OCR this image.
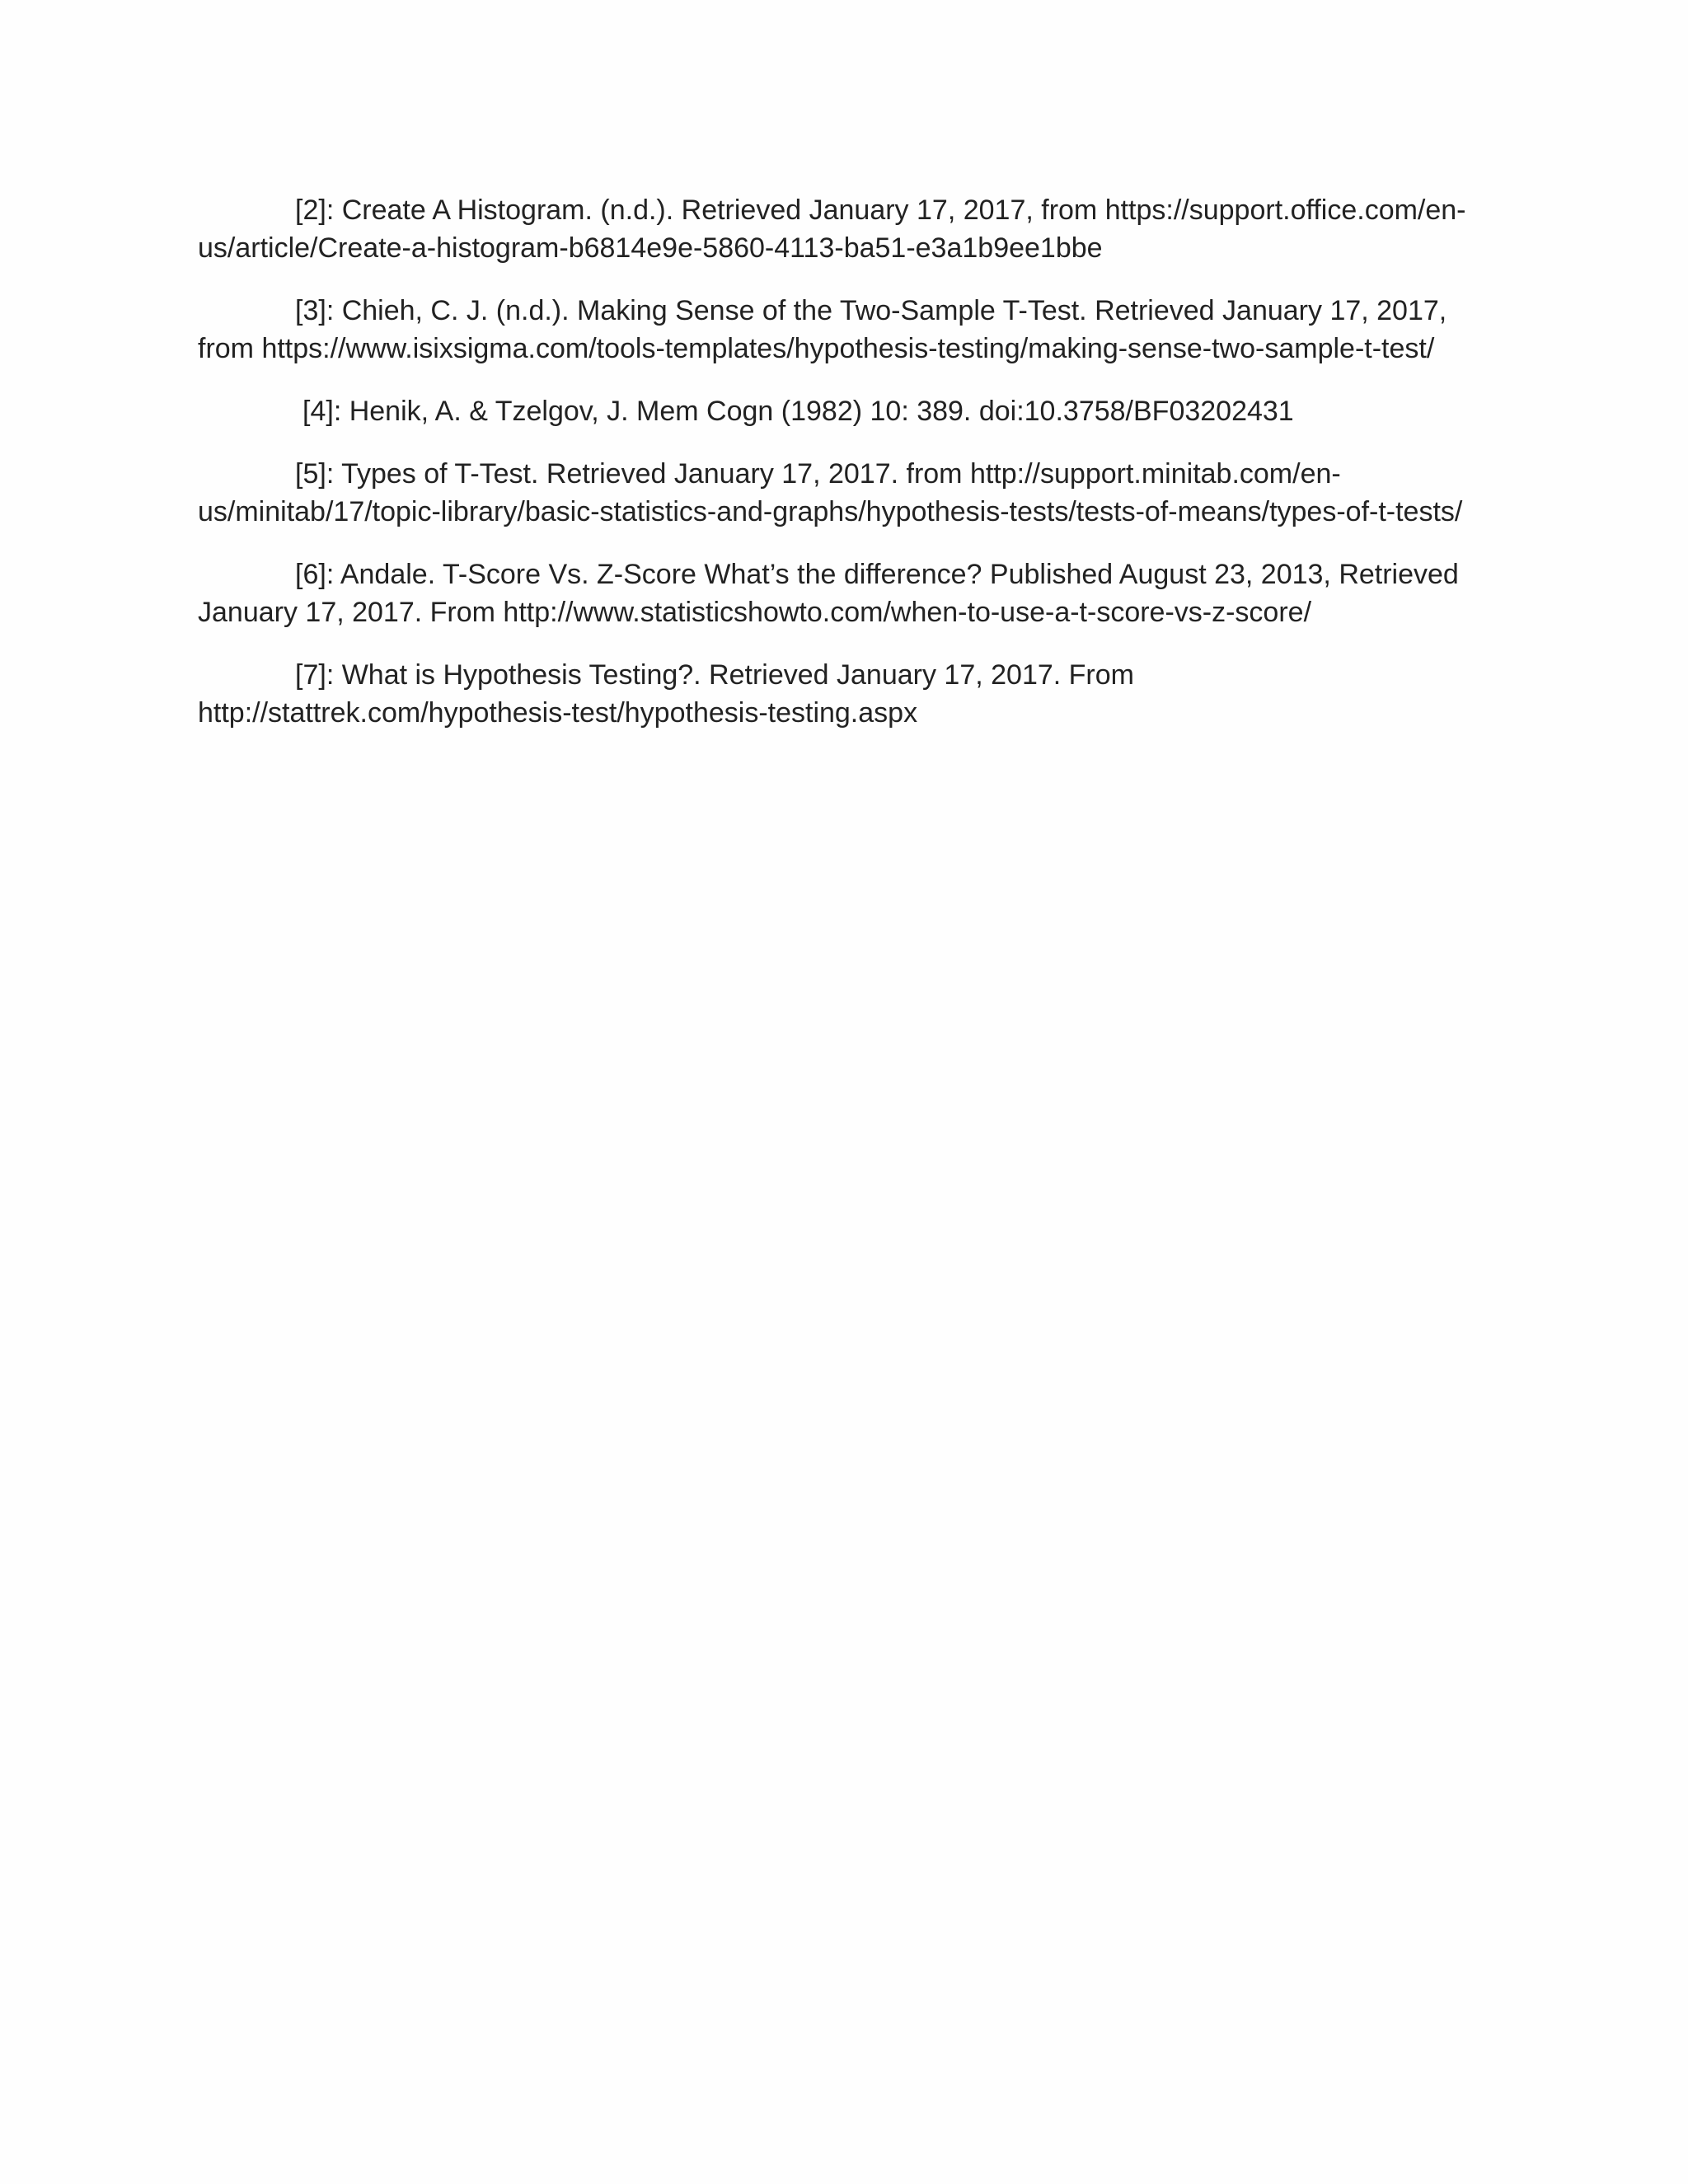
[2]: Create A Histogram. (n.d.). Retrieved January 17, 2017, from https://support.office.com/en-us/article/Create-a-histogram-b6814e9e-5860-4113-ba51-e3a1b9ee1bbe

[3]: Chieh, C. J. (n.d.). Making Sense of the Two-Sample T-Test. Retrieved January 17, 2017, from https://www.isixsigma.com/tools-templates/hypothesis-testing/making-sense-two-sample-t-test/

[4]: Henik, A. & Tzelgov, J. Mem Cogn (1982) 10: 389. doi:10.3758/BF03202431

[5]: Types of T-Test. Retrieved January 17, 2017. from http://support.minitab.com/en-us/minitab/17/topic-library/basic-statistics-and-graphs/hypothesis-tests/tests-of-means/types-of-t-tests/

[6]: Andale. T-Score Vs. Z-Score What’s the difference? Published August 23, 2013, Retrieved January 17, 2017. From http://www.statisticshowto.com/when-to-use-a-t-score-vs-z-score/

[7]: What is Hypothesis Testing?. Retrieved January 17, 2017. From http://stattrek.com/hypothesis-test/hypothesis-testing.aspx
